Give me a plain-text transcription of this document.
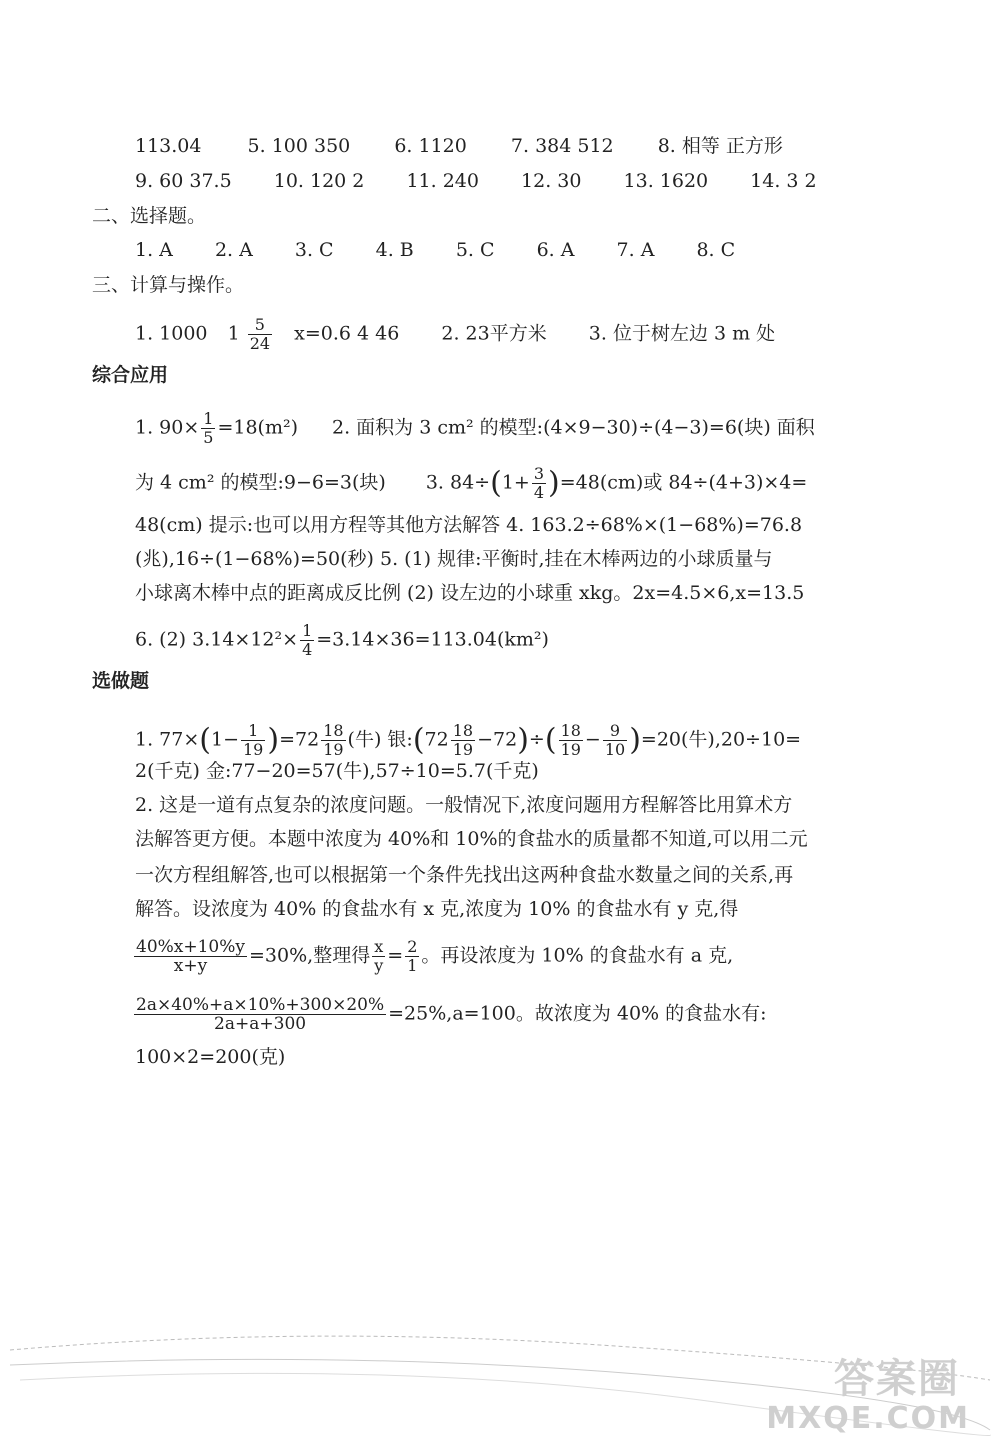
113.04 5. 100 350 6. 1120 7. 384 512 8. 相等 正方形
9. 60 37.5 10. 120 2 11. 240 12. 30 13. 1620 14. 3 2
二、选择题。
1. A 2. A 3. C 4. B 5. C 6. A 7. A 8. C
三、计算与操作。
1. 1000 $1 \frac{5}{24} x=0.6$ 4 46 2. 23平方米 3. 位于树左边 3 m 处
综合应用
1. $90\times \frac{1}{5} =18(m^2)$ 2. 面积为 3 cm² 的模型:(4×9−30)÷(4−3)=6(块) 面积
为 4 cm² 的模型:9−6=3(块) 3. $84\div(1+ \frac{3}{4} )=48(cm)$或 84÷(4+3)×4=
48(cm) 提示:也可以用方程等其他方法解答 4. 163.2÷68%×(1−68%)=76.8
(兆),16÷(1−68%)=50(秒) 5. (1) 规律:平衡时,挂在木棒两边的小球质量与
小球离木棒中点的距离成反比例 (2) 设左边的小球重 xkg。2x=4.5×6,x=13.5
6. (2) $3.14\times 12^2\times \frac{1}{4} =3.14\times 36=113.04(km^2)$
选做题
1. $77\times(1- \frac{1}{19} )=72 \frac{18}{19}$ (牛) 银:(72 $\frac{18}{19} -72)\div( \frac{18}{19} - \frac{9}{10} )=20$(牛),20÷10=
2(千克) 金:77−20=57(牛),57÷10=5.7(千克)
2. 这是一道有点复杂的浓度问题。一般情况下,浓度问题用方程解答比用算术方
法解答更方便。本题中浓度为 40%和 10%的食盐水的质量都不知道,可以用二元
一次方程组解答,也可以根据第一个条件先找出这两种食盐水数量之间的关系,再
解答。设浓度为 40% 的食盐水有 x 克,浓度为 10% 的食盐水有 y 克,得
$\frac{40\%x+10\%y}{x+y} =30\%$,整理得 $\frac{x}{y} = \frac{2}{1}$ 。再设浓度为 10% 的食盐水有 a 克,
$\frac{2a\times 40\%+a\times 10\%+300\times 20\%}{2a+a+300} =25\%,a=100$。故浓度为 40% 的食盐水有:
100×2=200(克)
答案圈
MXQE.COM
